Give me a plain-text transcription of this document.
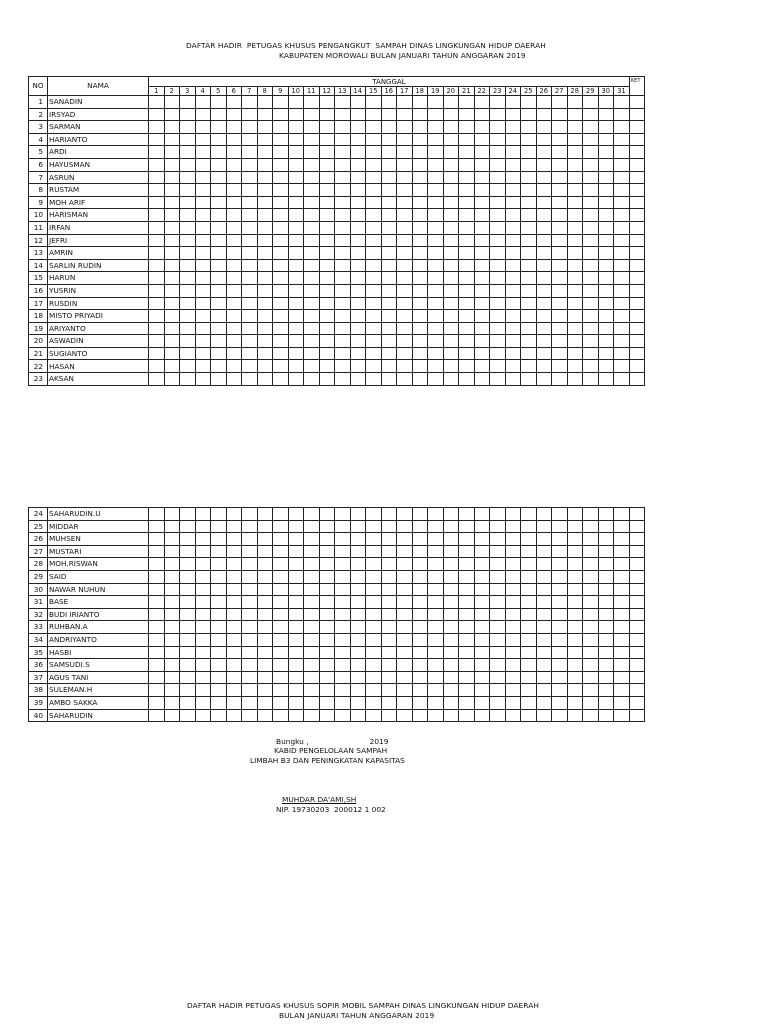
DAFTAR HADIR  PETUGAS KHUSUS PENGANGKUT  SAMPAH DINAS LINGKUNGAN HIDUP DAERAH
KABUPATEN MOROWALI BULAN JANUARI TAHUN ANGGARAN 2019
NO	NAMA	TANGGAL																															KET
		1	2	3	4	5	6	7	8	9	10	11	12	13	14	15	16	17	18	19	20	21	22	23	24	25	26	27	28	29	30	31	
1	SANADIN																																
2	IRSYAD																																
3	SARMAN																																
4	HARIANTO																																
5	ARDI																																
6	HAYUSMAN																																
7	ASRUN																																
8	RUSTAM																																
9	MOH ARIF																																
10	HARISMAN																																
11	IRFAN																																
12	JEFRI																																
13	AMRIN																																
14	SARLIN RUDIN																																
15	HARUN																																
16	YUSRIN																																
17	RUSDIN																																
18	MISTO PRIYADI																																
19	ARIYANTO																																
20	ASWADIN																																
21	SUGIANTO																																
22	HASAN																																
23	AKSAN																																
24	SAHARUDIN.U																																
25	MIDDAR																																
26	MUHSEN																																
27	MUSTARI																																
28	MOH.RISWAN																																
29	SAID																																
30	NAWAR NUHUN																																
31	BASE																																
32	BUDI IRIANTO																																
33	RUHBAN.A																																
34	ANDRIYANTO																																
35	HASBI																																
36	SAMSUDI.S																																
37	AGUS TANI																																
38	SULEMAN.H																																
39	AMBO SAKKA																																
40	SAHARUDIN																																
Bungku ,                          2019
KABID PENGELOLAAN SAMPAH
LIMBAH B3 DAN PENINGKATAN KAPASITAS
MUHDAR DA'AMI,SH
NIP. 19730203  200012 1 002
DAFTAR HADIR PETUGAS KHUSUS SOPIR MOBIL SAMPAH DINAS LINGKUNGAN HIDUP DAERAH
BULAN JANUARI TAHUN ANGGARAN 2019
